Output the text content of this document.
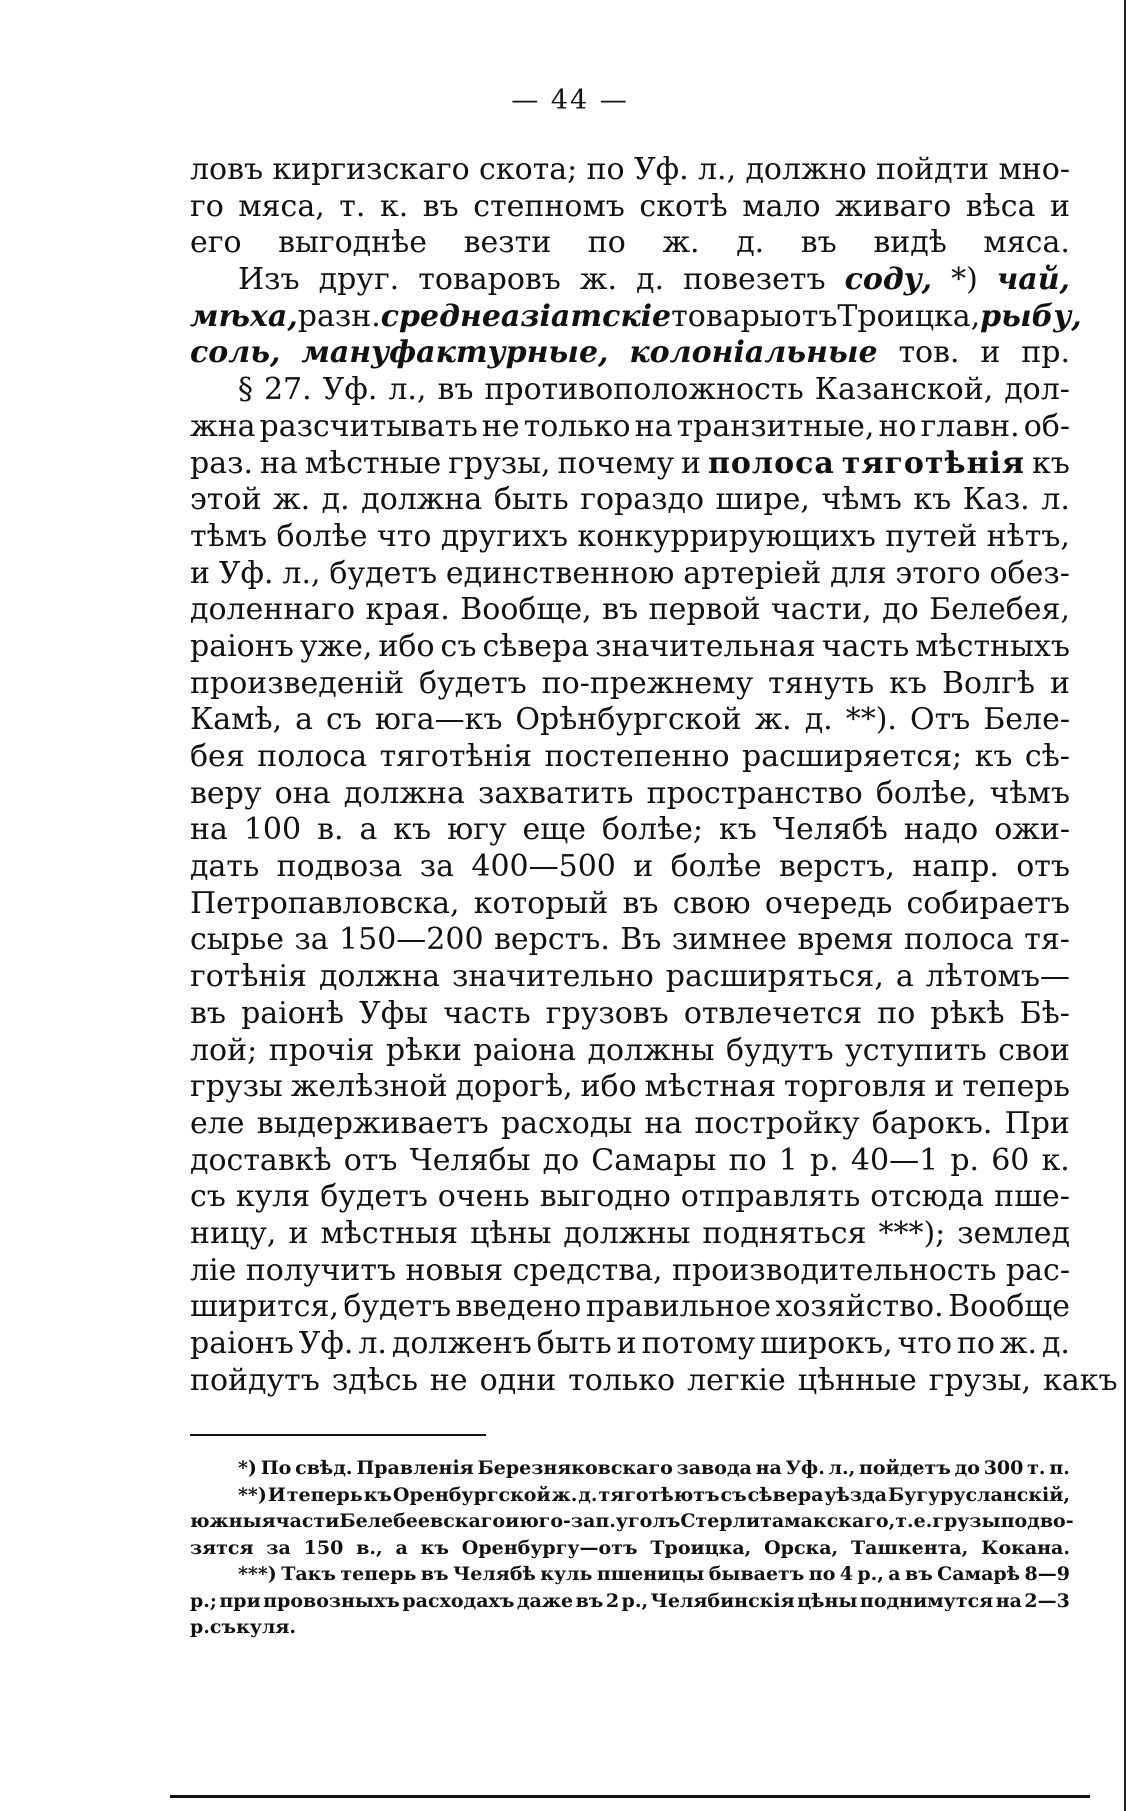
— 44 —
ловъ киргизскаго скота; по Уф. л., должно пойдти мно-
го мяса, т. к. въ степномъ скотѣ мало живаго вѣса и
его выгоднѣе везти по ж. д. въ видѣ мяса.
Изъ друг. товаровъ ж. д. повезетъ соду, *) чай,
мѣха, разн. среднеазіатскіе товары отъ Троицка, рыбу,
соль, мануфактурные, колоніальные тов. и пр.
§ 27. Уф. л., въ противоположность Казанской, дол-
жна разсчитывать не только на транзитные, но главн. об-
раз. на мѣстные грузы, почему и полоса тяготѣнія къ
этой ж. д. должна быть гораздо шире, чѣмъ къ Каз. л.
тѣмъ болѣе что другихъ конкуррирующихъ путей нѣтъ,
и Уф. л., будетъ единственною артеріей для этого обез-
доленнаго края. Вообще, въ первой части, до Белебея,
раіонъ уже, ибо съ сѣвера значительная часть мѣстныхъ
произведеній будетъ по-прежнему тянуть къ Волгѣ и
Камѣ, а съ юга—къ Орѣнбургской ж. д. **). Отъ Беле-
бея полоса тяготѣнія постепенно расширяется; къ сѣ-
веру она должна захватить пространство болѣе, чѣмъ
на 100 в. а къ югу еще болѣе; къ Челябѣ надо ожи-
дать подвоза за 400—500 и болѣе верстъ, напр. отъ
Петропавловска, который въ свою очередь собираетъ
сырье за 150—200 верстъ. Въ зимнее время полоса тя-
готѣнія должна значительно расширяться, а лѣтомъ—
въ раіонѣ Уфы часть грузовъ отвлечется по рѣкѣ Бѣ-
лой; прочія рѣки раіона должны будутъ уступить свои
грузы желѣзной дорогѣ, ибо мѣстная торговля и теперь
еле выдерживаетъ расходы на постройку барокъ. При
доставкѣ отъ Челябы до Самары по 1 р. 40—1 р. 60 к.
съ куля будетъ очень выгодно отправлять отсюда пше-
ницу, и мѣстныя цѣны должны подняться ***); землед
ліе получитъ новыя средства, производительность рас-
ширится, будетъ введено правильное хозяйство. Вообще
раіонъ Уф. л. долженъ быть и потому широкъ, что по ж. д.
пойдутъ здѣсь не одни только легкіе цѣнные грузы, какъ
*) По свѣд. Правленія Березняковскаго завода на Уф. л., пойдетъ до 300 т. п.
**) И теперь къ Оренбургской ж. д. тяготѣютъ съ сѣвера уѣзда Бугурусланскій,
южныя части Белебеевскаго и юго-зап. уголъ Стерлитамакскаго, т. е. грузы подво-
зятся за 150 в., а къ Оренбургу—отъ Троицка, Орска, Ташкента, Кокана.
***) Такъ теперь въ Челябѣ куль пшеницы бываетъ по 4 р., а въ Самарѣ 8—9
р.; при провозныхъ расходахъ даже въ 2 р., Челябинскія цѣны поднимутся на 2—3
р. съ куля.
